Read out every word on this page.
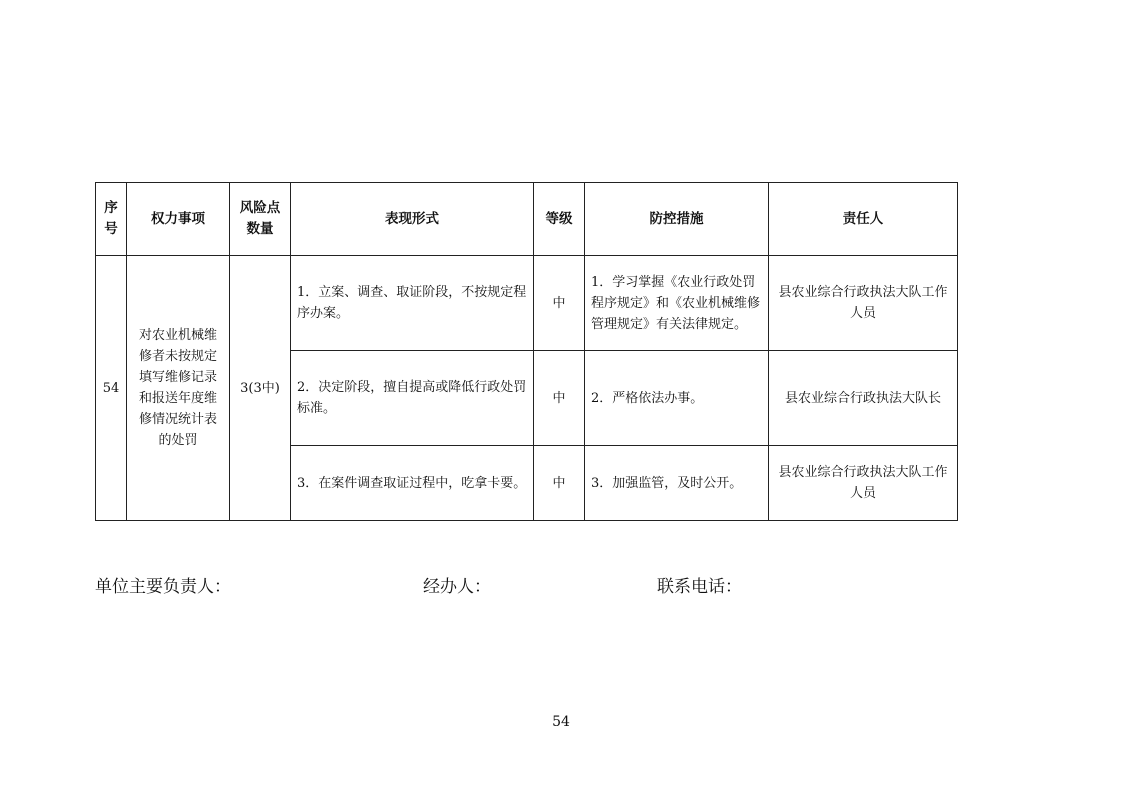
序号	权力事项	风险点数量	表现形式	等级	防控措施	责任人
54	对农业机械维修者未按规定填写维修记录和报送年度维修情况统计表的处罚	3(3中)	1．立案、调查、取证阶段，不按规定程序办案。	中	1．学习掌握《农业行政处罚程序规定》和《农业机械维修管理规定》有关法律规定。	县农业综合行政执法大队工作人员
			2．决定阶段，擅自提高或降低行政处罚标准。	中	2．严格依法办事。	县农业综合行政执法大队长
			3．在案件调查取证过程中，吃拿卡要。	中	3．加强监管，及时公开。	县农业综合行政执法大队工作人员
单位主要负责人：	经办人：	联系电话：
54
